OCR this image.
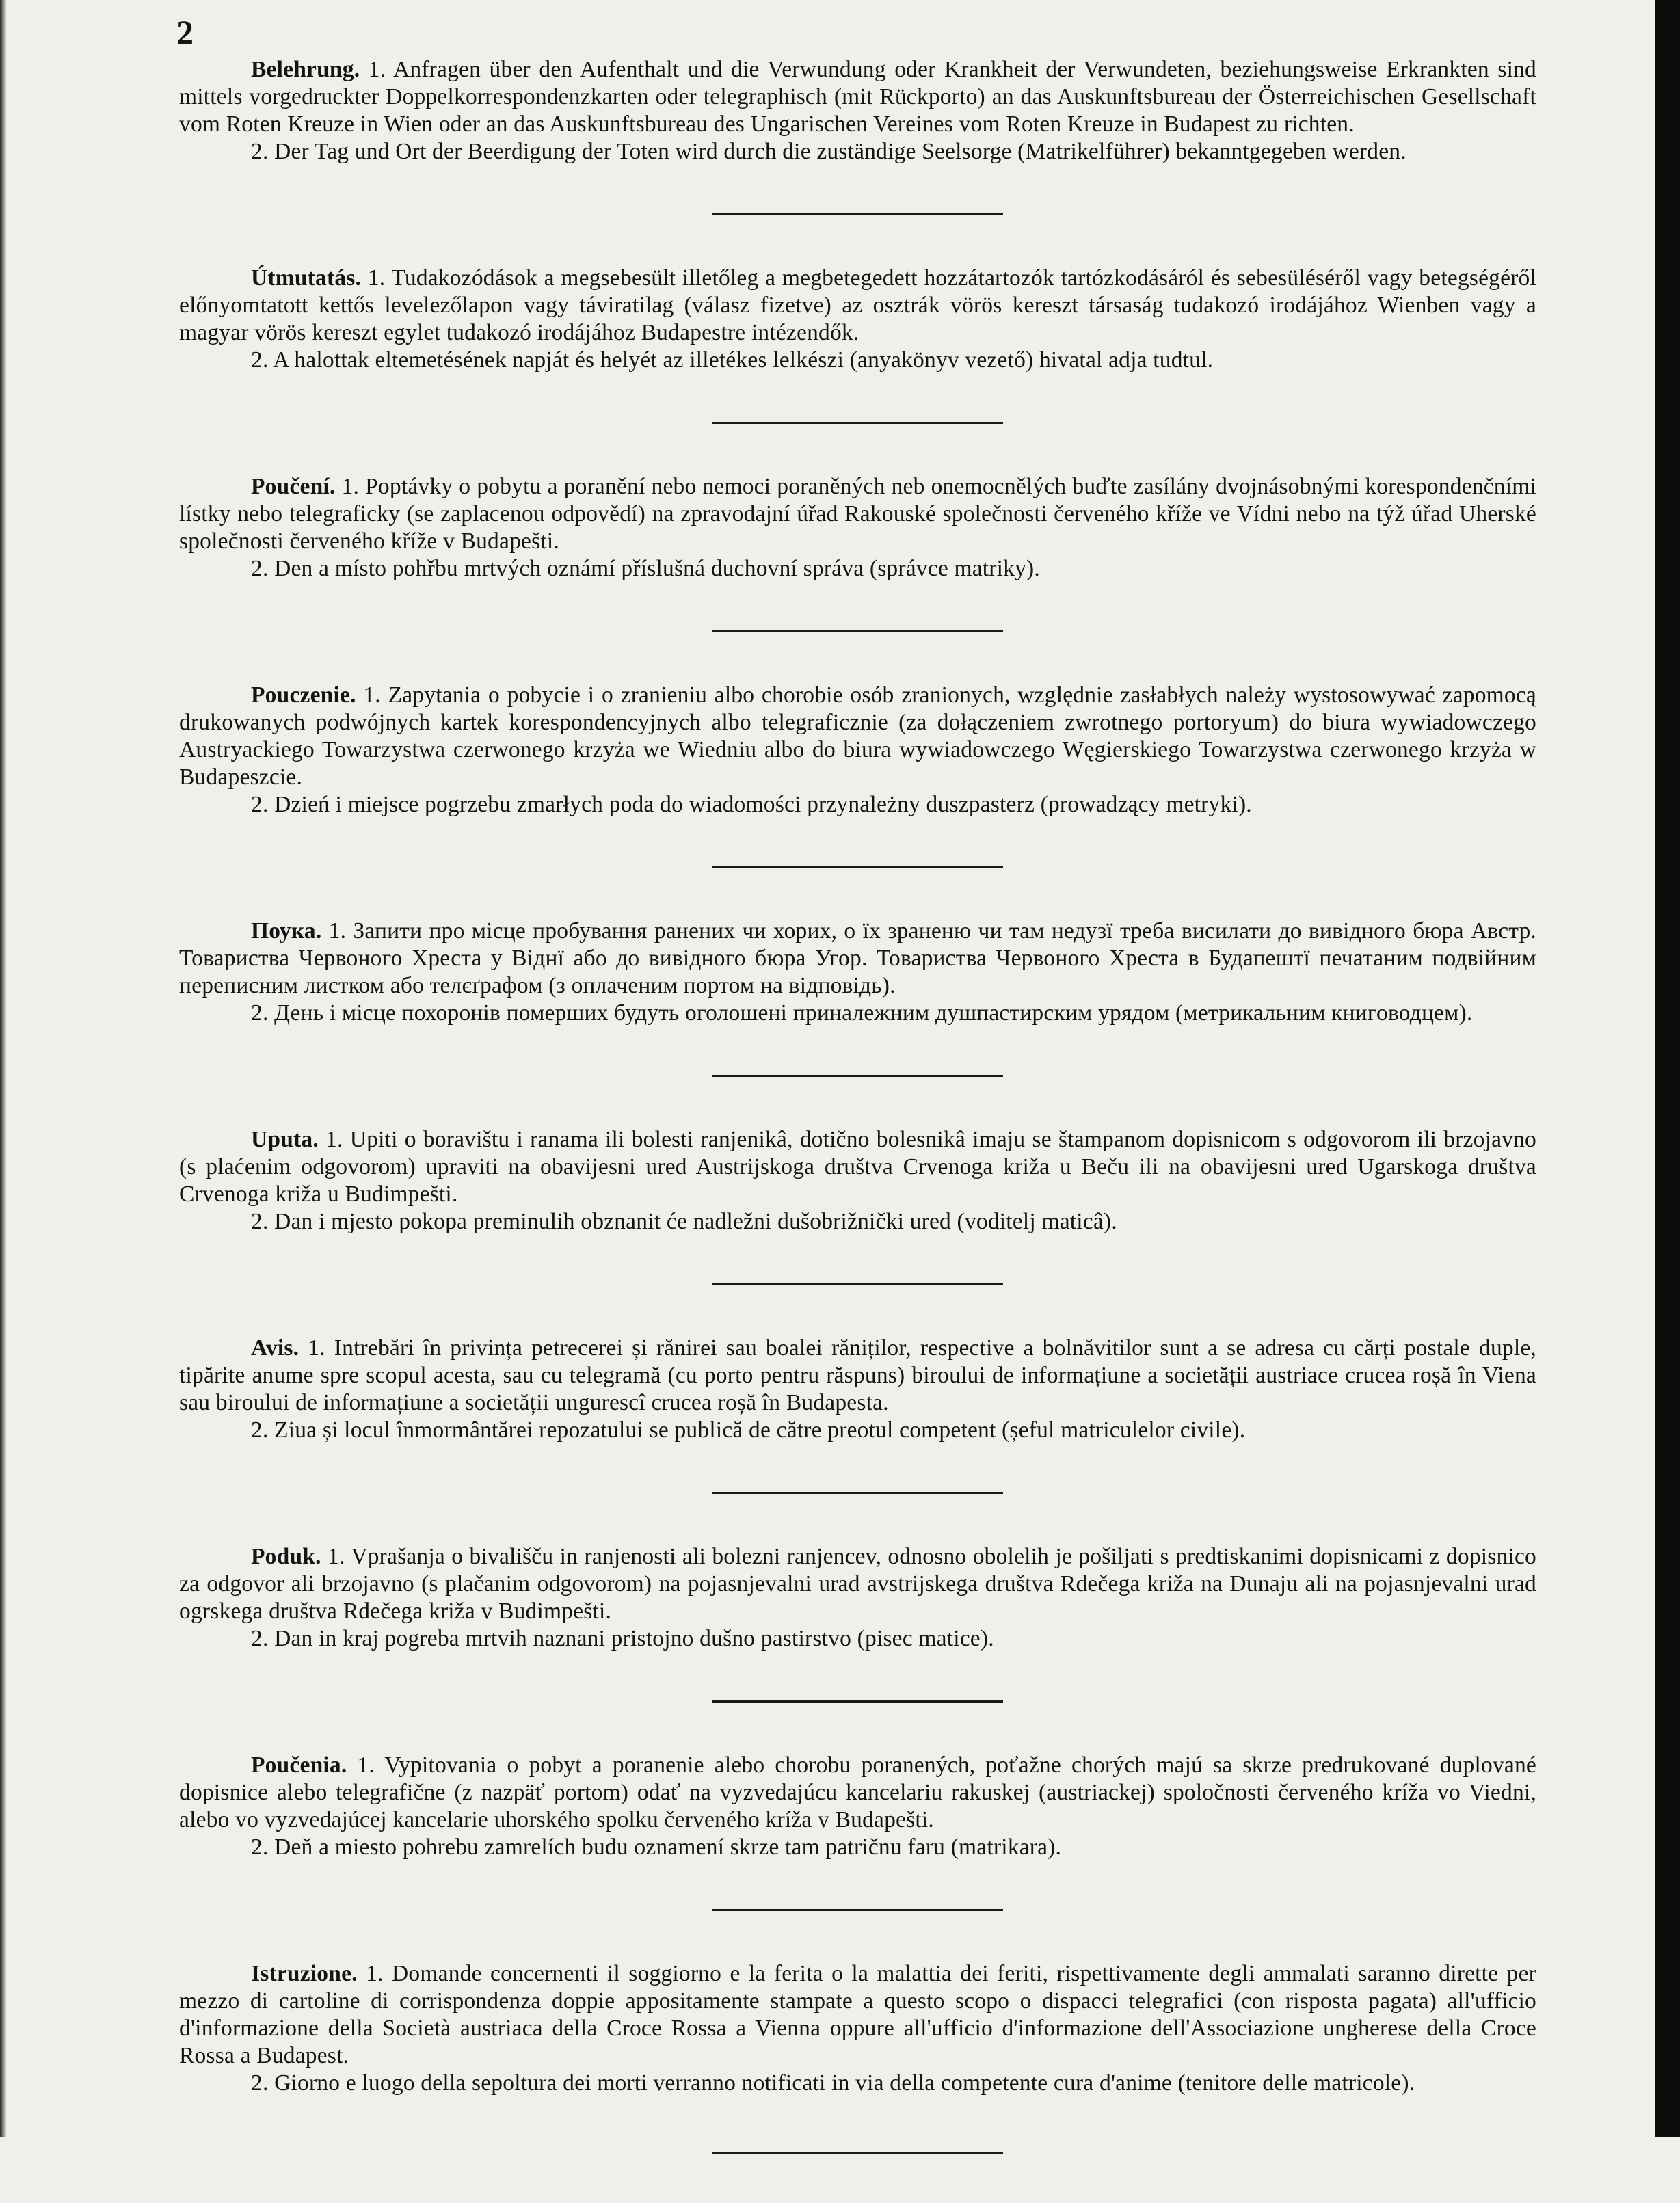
2

Belehrung. 1. Anfragen über den Aufenthalt und die Verwundung oder Krankheit der Verwundeten, beziehungsweise Erkrankten sind mittels vorgedruckter Doppelkorrespondenzkarten oder telegraphisch (mit Rückporto) an das Auskunftsbureau der Österreichischen Gesellschaft vom Roten Kreuze in Wien oder an das Auskunftsbureau des Ungarischen Vereines vom Roten Kreuze in Budapest zu richten.

2. Der Tag und Ort der Beerdigung der Toten wird durch die zuständige Seelsorge (Matrikelführer) bekanntgegeben werden.

Útmutatás. 1. Tudakozódások a megsebesült illetőleg a megbetegedett hozzátartozók tartózkodásáról és sebesüléséről vagy betegségéről előnyomtatott kettős levelezőlapon vagy táviratilag (válasz fizetve) az osztrák vörös kereszt társaság tudakozó irodájához Wienben vagy a magyar vörös kereszt egylet tudakozó irodájához Budapestre intézendők.

2. A halottak eltemetésének napját és helyét az illetékes lelkészi (anyakönyv vezető) hivatal adja tudtul.

Poučení. 1. Poptávky o pobytu a poranění nebo nemoci poraněných neb onemocnělých buďte zasílány dvojnásobnými korespondenčními lístky nebo telegraficky (se zaplacenou odpovědí) na zpravodajní úřad Rakouské společnosti červeného kříže ve Vídni nebo na týž úřad Uherské společnosti červeného kříže v Budapešti.

2. Den a místo pohřbu mrtvých oznámí příslušná duchovní správa (správce matriky).

Pouczenie. 1. Zapytania o pobycie i o zranieniu albo chorobie osób zranionych, względnie zasłabłych należy wystosowywać zapomocą drukowanych podwójnych kartek korespondencyjnych albo telegraficznie (za dołączeniem zwrotnego portoryum) do biura wywiadowczego Austryackiego Towarzystwa czerwonego krzyża we Wiedniu albo do biura wywiadowczego Węgierskiego Towarzystwa czerwonego krzyża w Budapeszcie.

2. Dzień i miejsce pogrzebu zmarłych poda do wiadomości przynależny duszpasterz (prowadzący metryki).

Поука. 1. Запити про місце пробування ранених чи хорих, о їх зраненю чи там недузї треба висилати до вивідного бюра Австр. Товариства Червоного Хреста у Віднї або до вивідного бюра Угор. Товариства Червоного Хреста в Будапештї печатаним подвійним переписним листком або телєґрафом (з оплаченим портом на відповідь).

2. День і місце похоронів померших будуть оголошені приналежним душпастирским урядом (метрикальним книговодцем).

Uputa. 1. Upiti o boravištu i ranama ili bolesti ranjenikâ, dotično bolesnikâ imaju se štampanom dopisnicom s odgovorom ili brzojavno (s plaćenim odgovorom) upraviti na obavijesni ured Austrijskoga društva Crvenoga križa u Beču ili na obavijesni ured Ugarskoga društva Crvenoga križa u Budimpešti.

2. Dan i mjesto pokopa preminulih obznanit će nadležni dušobrižnički ured (voditelj maticâ).

Avis. 1. Intrebări în privința petrecerei și rănirei sau boalei răniților, respective a bolnăvitilor sunt a se adresa cu cărți postale duple, tipărite anume spre scopul acesta, sau cu telegramă (cu porto pentru răspuns) biroului de informațiune a societății austriace crucea roșă în Viena sau biroului de informațiune a societății ungurescî crucea roșă în Budapesta.

2. Ziua și locul înmormântărei repozatului se publică de către preotul competent (șeful matriculelor civile).

Poduk. 1. Vprašanja o bivališču in ranjenosti ali bolezni ranjencev, odnosno obolelih je pošiljati s predtiskanimi dopisnicami z dopisnico za odgovor ali brzojavno (s plačanim odgovorom) na pojasnjevalni urad avstrijskega društva Rdečega križa na Dunaju ali na pojasnjevalni urad ogrskega društva Rdečega križa v Budimpešti.

2. Dan in kraj pogreba mrtvih naznani pristojno dušno pastirstvo (pisec matice).

Poučenia. 1. Vypitovania o pobyt a poranenie alebo chorobu poranených, poťažne chorých majú sa skrze predrukované duplované dopisnice alebo telegrafične (z nazpäť portom) odať na vyzvedajúcu kancelariu rakuskej (austriackej) spoločnosti červeného kríža vo Viedni, alebo vo vyzvedajúcej kancelarie uhorského spolku červeného kríža v Budapešti.

2. Deň a miesto pohrebu zamrelích budu oznamení skrze tam patričnu faru (matrikara).

Istruzione. 1. Domande concernenti il soggiorno e la ferita o la malattia dei feriti, rispettivamente degli ammalati saranno dirette per mezzo di cartoline di corrispondenza doppie appositamente stampate a questo scopo o dispacci telegrafici (con risposta pagata) all'ufficio d'informazione della Società austriaca della Croce Rossa a Vienna oppure all'ufficio d'informazione dell'Associazione ungherese della Croce Rossa a Budapest.

2. Giorno e luogo della sepoltura dei morti verranno notificati in via della competente cura d'anime (tenitore delle matricole).
